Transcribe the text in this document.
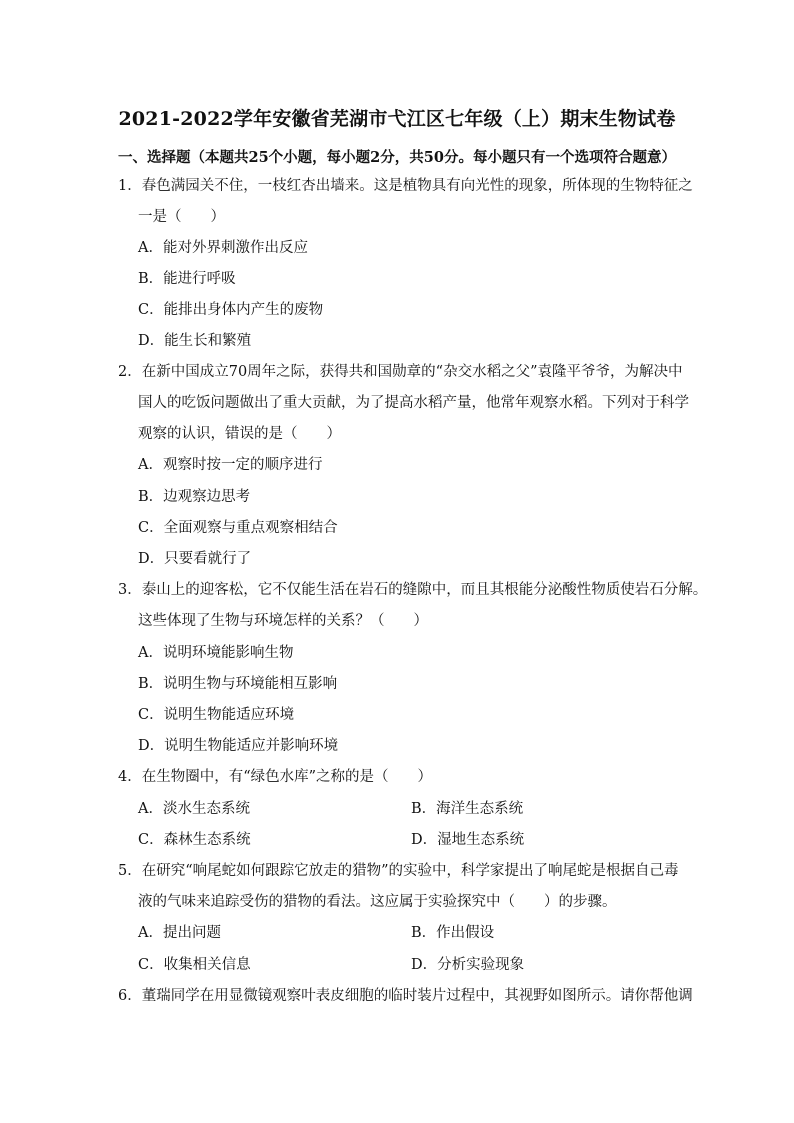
2021-2022学年安徽省芜湖市弋江区七年级（上）期末生物试卷
一、选择题（本题共25个小题，每小题2分，共50分。每小题只有一个选项符合题意）
1．春色满园关不住，一枝红杏出墙来。这是植物具有向光性的现象，所体现的生物特征之
一是（　　）
A．能对外界刺激作出反应
B．能进行呼吸
C．能排出身体内产生的废物
D．能生长和繁殖
2．在新中国成立70周年之际，获得共和国勋章的“杂交水稻之父”袁隆平爷爷，为解决中
国人的吃饭问题做出了重大贡献，为了提高水稻产量，他常年观察水稻。下列对于科学
观察的认识，错误的是（　　）
A．观察时按一定的顺序进行
B．边观察边思考
C．全面观察与重点观察相结合
D．只要看就行了
3．泰山上的迎客松，它不仅能生活在岩石的缝隙中，而且其根能分泌酸性物质使岩石分解。
这些体现了生物与环境怎样的关系？（　　）
A．说明环境能影响生物
B．说明生物与环境能相互影响
C．说明生物能适应环境
D．说明生物能适应并影响环境
4．在生物圈中，有“绿色水库”之称的是（　　）
A．淡水生态系统	B．海洋生态系统
C．森林生态系统	D．湿地生态系统
5．在研究“响尾蛇如何跟踪它放走的猎物”的实验中，科学家提出了响尾蛇是根据自己毒
液的气味来追踪受伤的猎物的看法。这应属于实验探究中（　　）的步骤。
A．提出问题	B．作出假设
C．收集相关信息	D．分析实验现象
6．董瑞同学在用显微镜观察叶表皮细胞的临时装片过程中，其视野如图所示。请你帮他调
